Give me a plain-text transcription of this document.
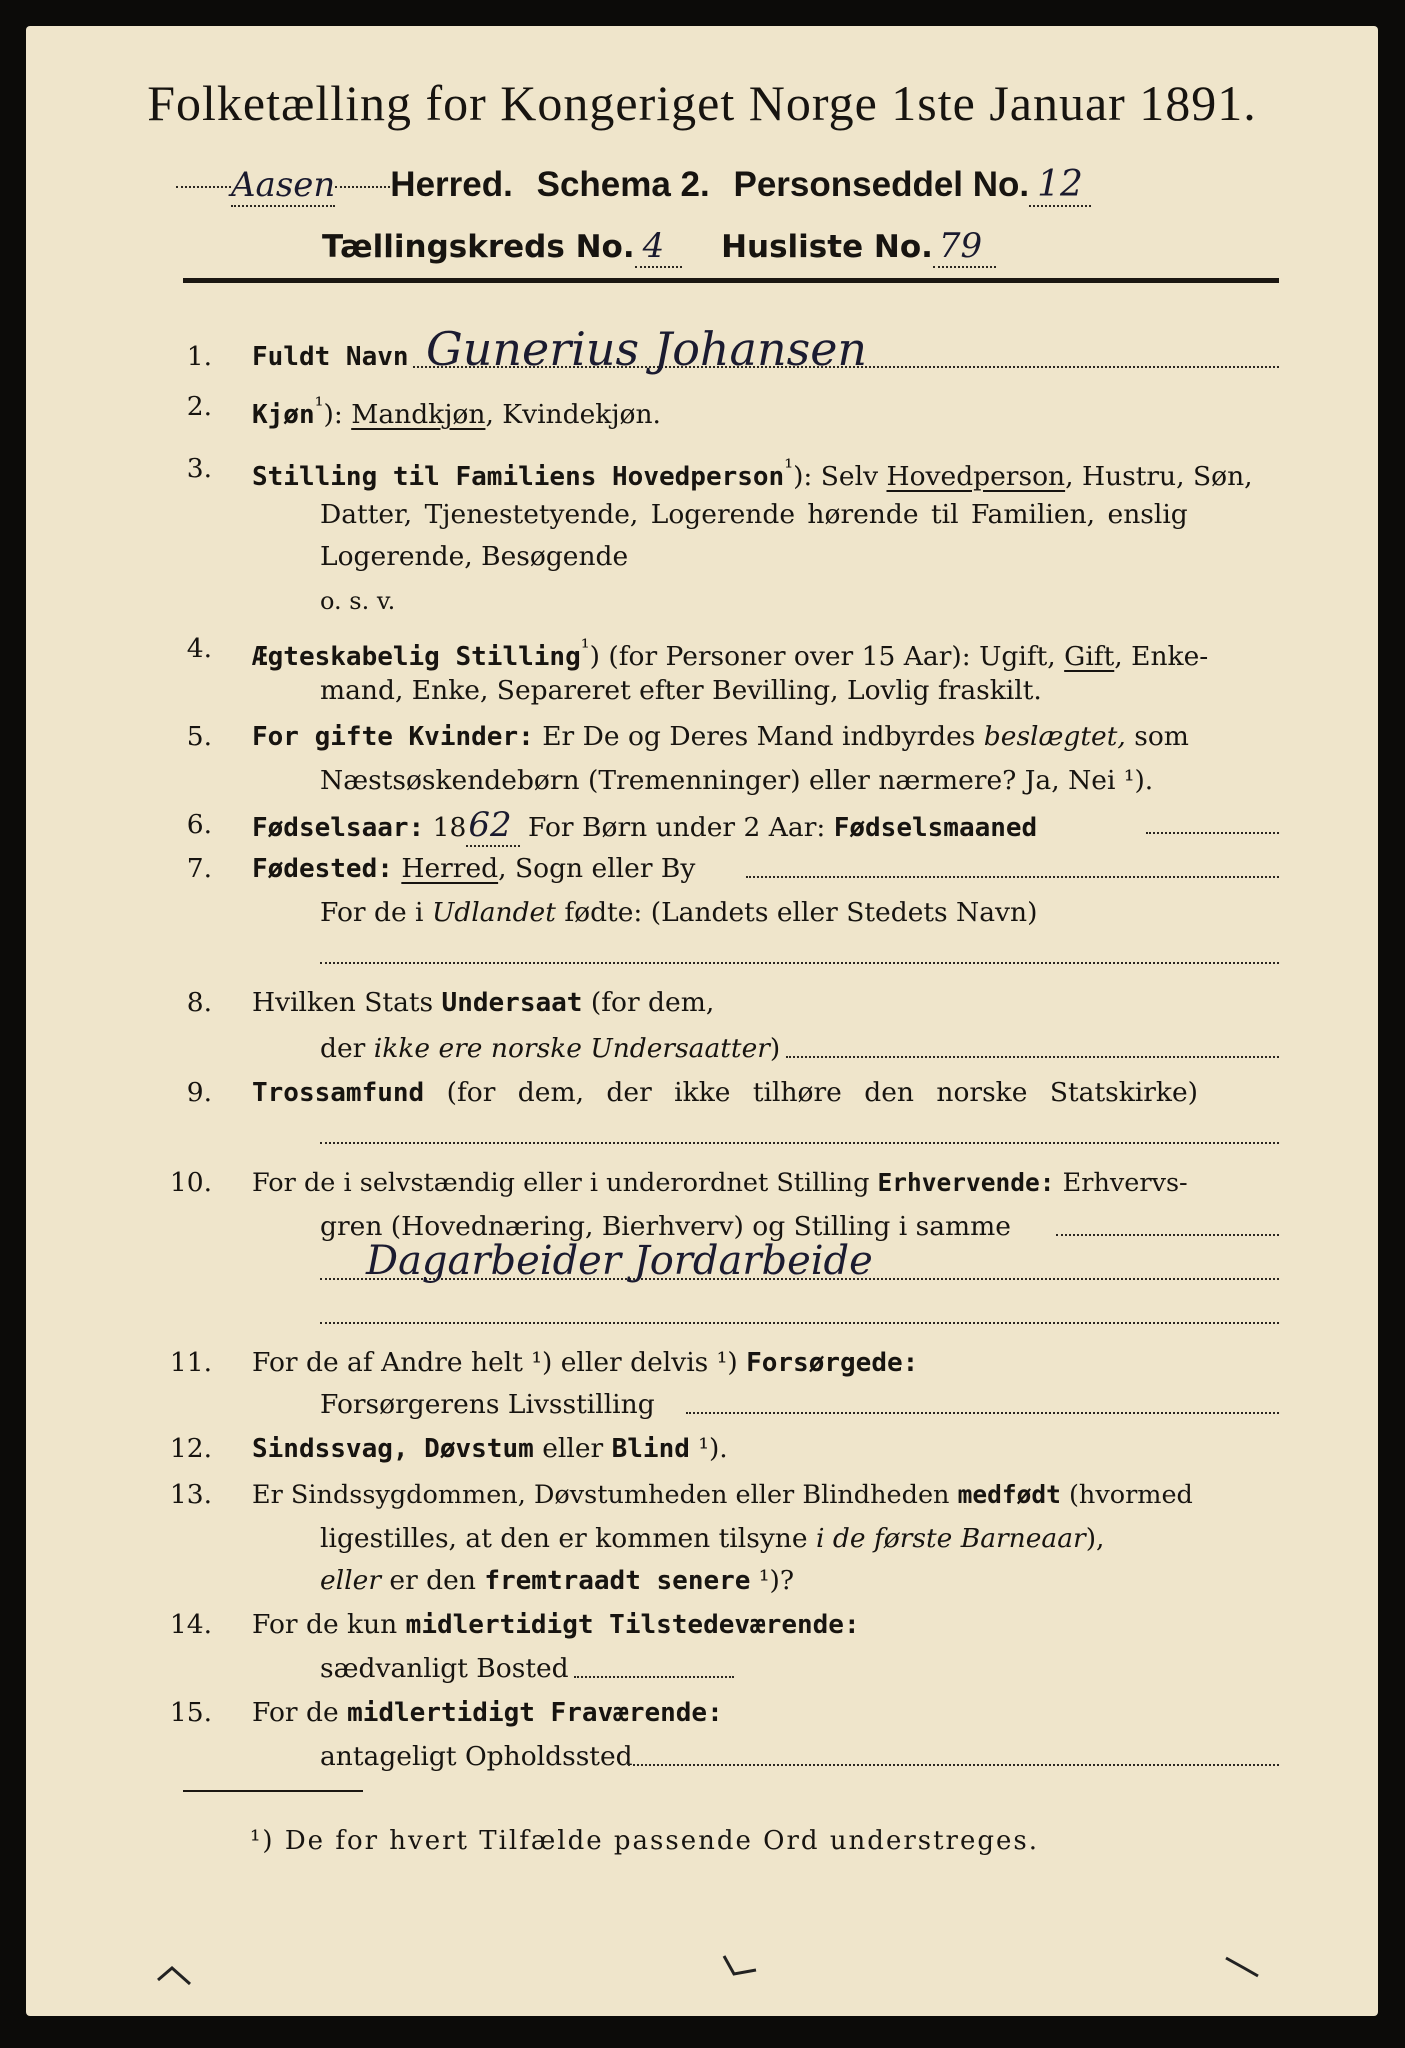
Folketælling for Kongeriget Norge 1ste Januar 1891.
Aasen Herred. Schema 2. Personseddel No. 12
Tællingskreds No. 4 Husliste No. 79
1. Fuldt Navn Gunerius Johansen
2. Kjøn$^{^1}$): Mandkjøn, Kvindekjøn.
3. Stilling til Familiens Hovedperson$^{^1}$): Selv Hovedperson, Hustru, Søn,
Datter, Tjenestetyende, Logerende hørende til Familien, enslig
Logerende, Besøgende
o. s. v.
4. Ægteskabelig Stilling$^{^1}$) (for Personer over 15 Aar): Ugift, Gift, Enke-
mand, Enke, Separeret efter Bevilling, Lovlig fraskilt.
5. For gifte Kvinder: Er De og Deres Mand indbyrdes beslægtet, som
Næstsøskendebørn (Tremenninger) eller nærmere? Ja, Nei ¹).
6. Fødselsaar: 1862 For Børn under 2 Aar: Fødselsmaaned
7. Fødested: Herred, Sogn eller By
For de i Udlandet fødte: (Landets eller Stedets Navn)
8. Hvilken Stats Undersaat (for dem,
der ikke ere norske Undersaatter)
9. Trossamfund (for dem, der ikke tilhøre den norske Statskirke)
10. For de i selvstændig eller i underordnet Stilling Erhvervende: Erhvervs-
gren (Hovednæring, Bierhverv) og Stilling i samme
Dagarbeider Jordarbeide
11. For de af Andre helt ¹) eller delvis ¹) Forsørgede:
Forsørgerens Livsstilling
12. Sindssvag, Døvstum eller Blind ¹).
13. Er Sindssygdommen, Døvstumheden eller Blindheden medfødt (hvormed
ligestilles, at den er kommen tilsyne i de første Barneaar),
eller er den fremtraadt senere ¹)?
14. For de kun midlertidigt Tilstedeværende:
sædvanligt Bosted
15. For de midlertidigt Fraværende:
antageligt Opholdssted
¹) De for hvert Tilfælde passende Ord understreges.
